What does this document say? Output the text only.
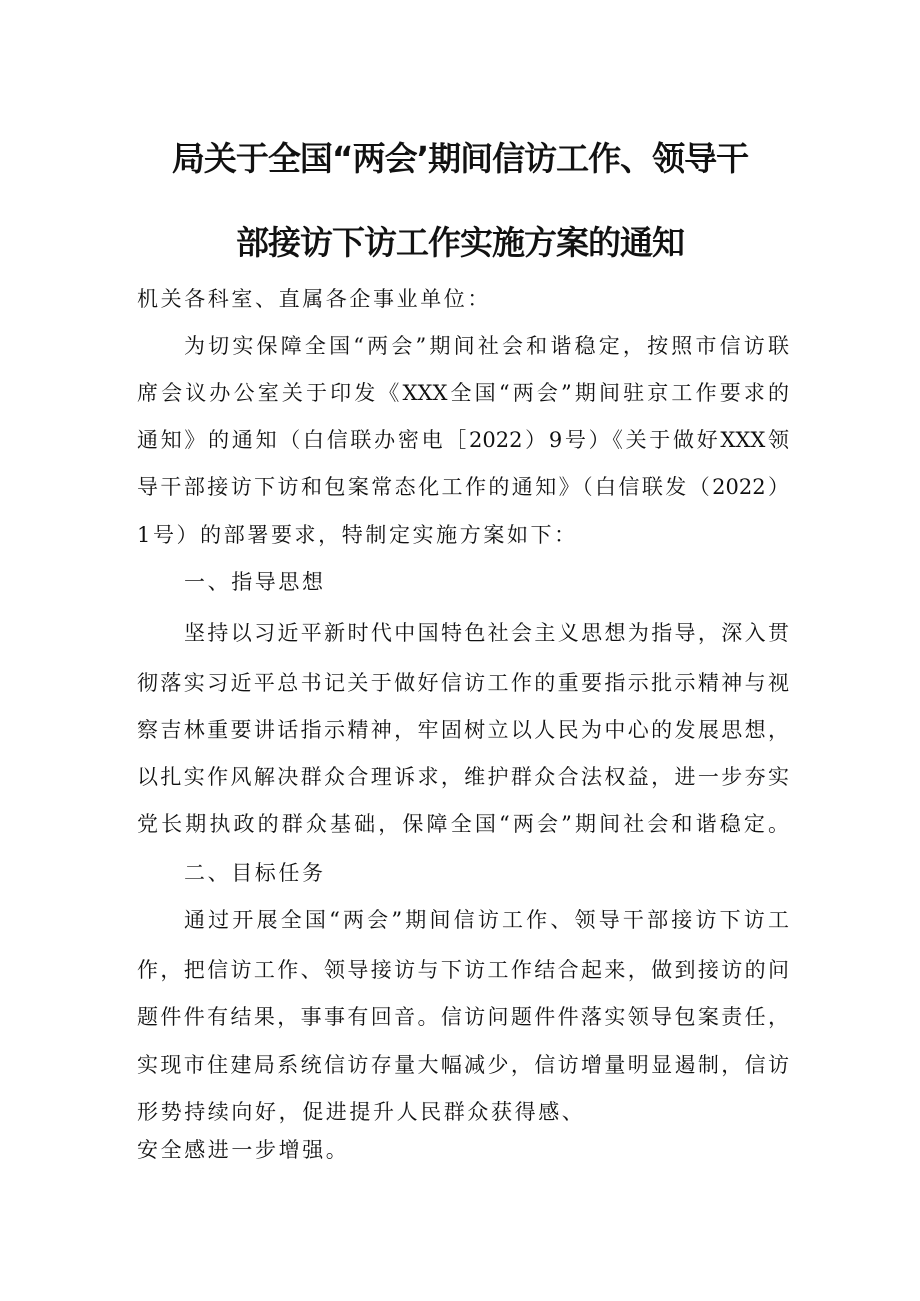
局关于全国“两会’期间信访工作、领导干
部接访下访工作实施方案的通知

机关各科室、直属各企事业单位：

为切实保障全国“两会”期间社会和谐稳定，按照市信访联

席会议办公室关于印发《XXX全国“两会”期间驻京工作要求的

通知》的通知（白信联办密电［2022）9号）《关于做好XXX领

导干部接访下访和包案常态化工作的通知》（白信联发（2022）

1号）的部署要求，特制定实施方案如下：

一、指导思想

坚持以习近平新时代中国特色社会主义思想为指导，深入贯

彻落实习近平总书记关于做好信访工作的重要指示批示精神与视

察吉林重要讲话指示精神，牢固树立以人民为中心的发展思想，

以扎实作风解决群众合理诉求，维护群众合法权益，进一步夯实

党长期执政的群众基础，保障全国“两会”期间社会和谐稳定。

二、目标任务

通过开展全国“两会”期间信访工作、领导干部接访下访工

作，把信访工作、领导接访与下访工作结合起来，做到接访的问

题件件有结果，事事有回音。信访问题件件落实领导包案责任，

实现市住建局系统信访存量大幅减少，信访增量明显遏制，信访

形势持续向好，促进提升人民群众获得感、

安全感进一步增强。
